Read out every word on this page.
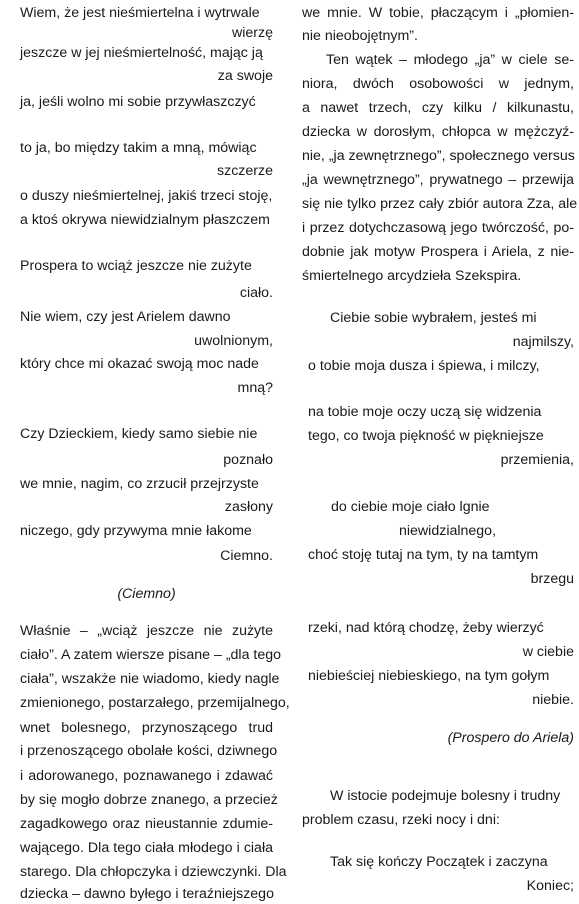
Wiem, że jest nieśmiertelna i wytrwale
wierzę
jeszcze w jej nieśmiertelność, mając ją
za swoje
ja, jeśli wolno mi sobie przywłaszczyć
to ja, bo między takim a mną, mówiąc
szczerze
o duszy nieśmiertelnej, jakiś trzeci stoję,
a ktoś okrywa niewidzialnym płaszczem
Prospera to wciąż jeszcze nie zużyte
ciało.
Nie wiem, czy jest Arielem dawno
uwolnionym,
który chce mi okazać swoją moc nade
mną?
Czy Dzieckiem, kiedy samo siebie nie
poznało
we mnie, nagim, co zrzucił przejrzyste
zasłony
niczego, gdy przywyma mnie łakome
Ciemno.
(Ciemno)
Właśnie – „wciąż jeszcze nie zużyte
ciało”. A zatem wiersze pisane – „dla tego
ciała”, wszakże nie wiadomo, kiedy nagle
zmienionego, postarzałego, przemijalnego,
wnet bolesnego, przynoszącego trud
i przenoszącego obolałe kości, dziwnego
i adorowanego, poznawanego i zdawać
by się mogło dobrze znanego, a przecież
zagadkowego oraz nieustannie zdumie-
wającego. Dla tego ciała młodego i ciała
starego. Dla chłopczyka i dziewczynki. Dla
dziecka – dawno byłego i teraźniejszego
we mnie. W tobie, płaczącym i „płomien-
nie nieobojętnym”.
Ten wątek – młodego „ja” w ciele se-
niora, dwóch osobowości w jednym,
a nawet trzech, czy kilku / kilkunastu,
dziecka w dorosłym, chłopca w mężczyź-
nie, „ja zewnętrznego”, społecznego versus
„ja wewnętrznego”, prywatnego – przewija
się nie tylko przez cały zbiór autora Zza, ale
i przez dotychczasową jego twórczość, po-
dobnie jak motyw Prospera i Ariela, z nie-
śmiertelnego arcydzieła Szekspira.
Ciebie sobie wybrałem, jesteś mi
najmilszy,
o tobie moja dusza i śpiewa, i milczy,
na tobie moje oczy uczą się widzenia
tego, co twoja piękność w piękniejsze
przemienia,
do ciebie moje ciało lgnie
niewidzialnego,
choć stoję tutaj na tym, ty na tamtym
brzegu
rzeki, nad którą chodzę, żeby wierzyć
w ciebie
niebieściej niebieskiego, na tym gołym
niebie.
(Prospero do Ariela)
W istocie podejmuje bolesny i trudny
problem czasu, rzeki nocy i dni:
Tak się kończy Początek i zaczyna
Koniec;
